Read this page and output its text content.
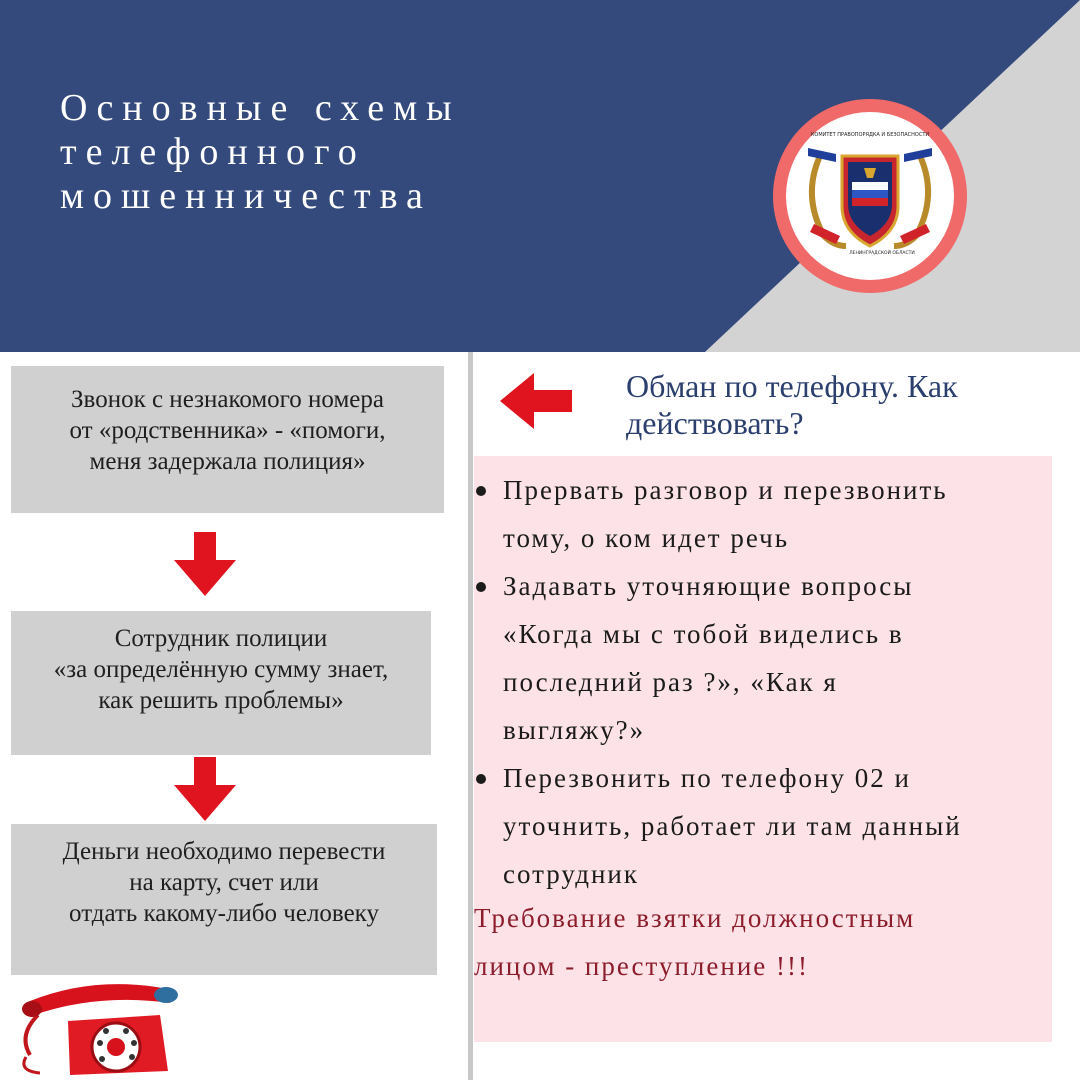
Основные схемы
телефонного
мошенничества
КОМИТЕТ ПРАВОПОРЯДКА И БЕЗОПАСНОСТИ
ЛЕНИНГРАДСКОЙ ОБЛАСТИ
Звонок с незнакомого номера
от «родственника» - «помоги,
меня задержала полиция»
Сотрудник полиции
«за определённую сумму знает,
как решить проблемы»
Деньги необходимо перевести
на карту, счет или
отдать какому-либо человеку
Обман по телефону. Как
действовать?
Прервать разговор и перезвонить
тому, о ком идет речь
Задавать уточняющие вопросы
«Когда мы с тобой виделись в
последний раз ?», «Как я
выгляжу?»
Перезвонить по телефону 02 и
уточнить, работает ли там данный
сотрудник
Требование взятки должностным
лицом - преступление !!!
